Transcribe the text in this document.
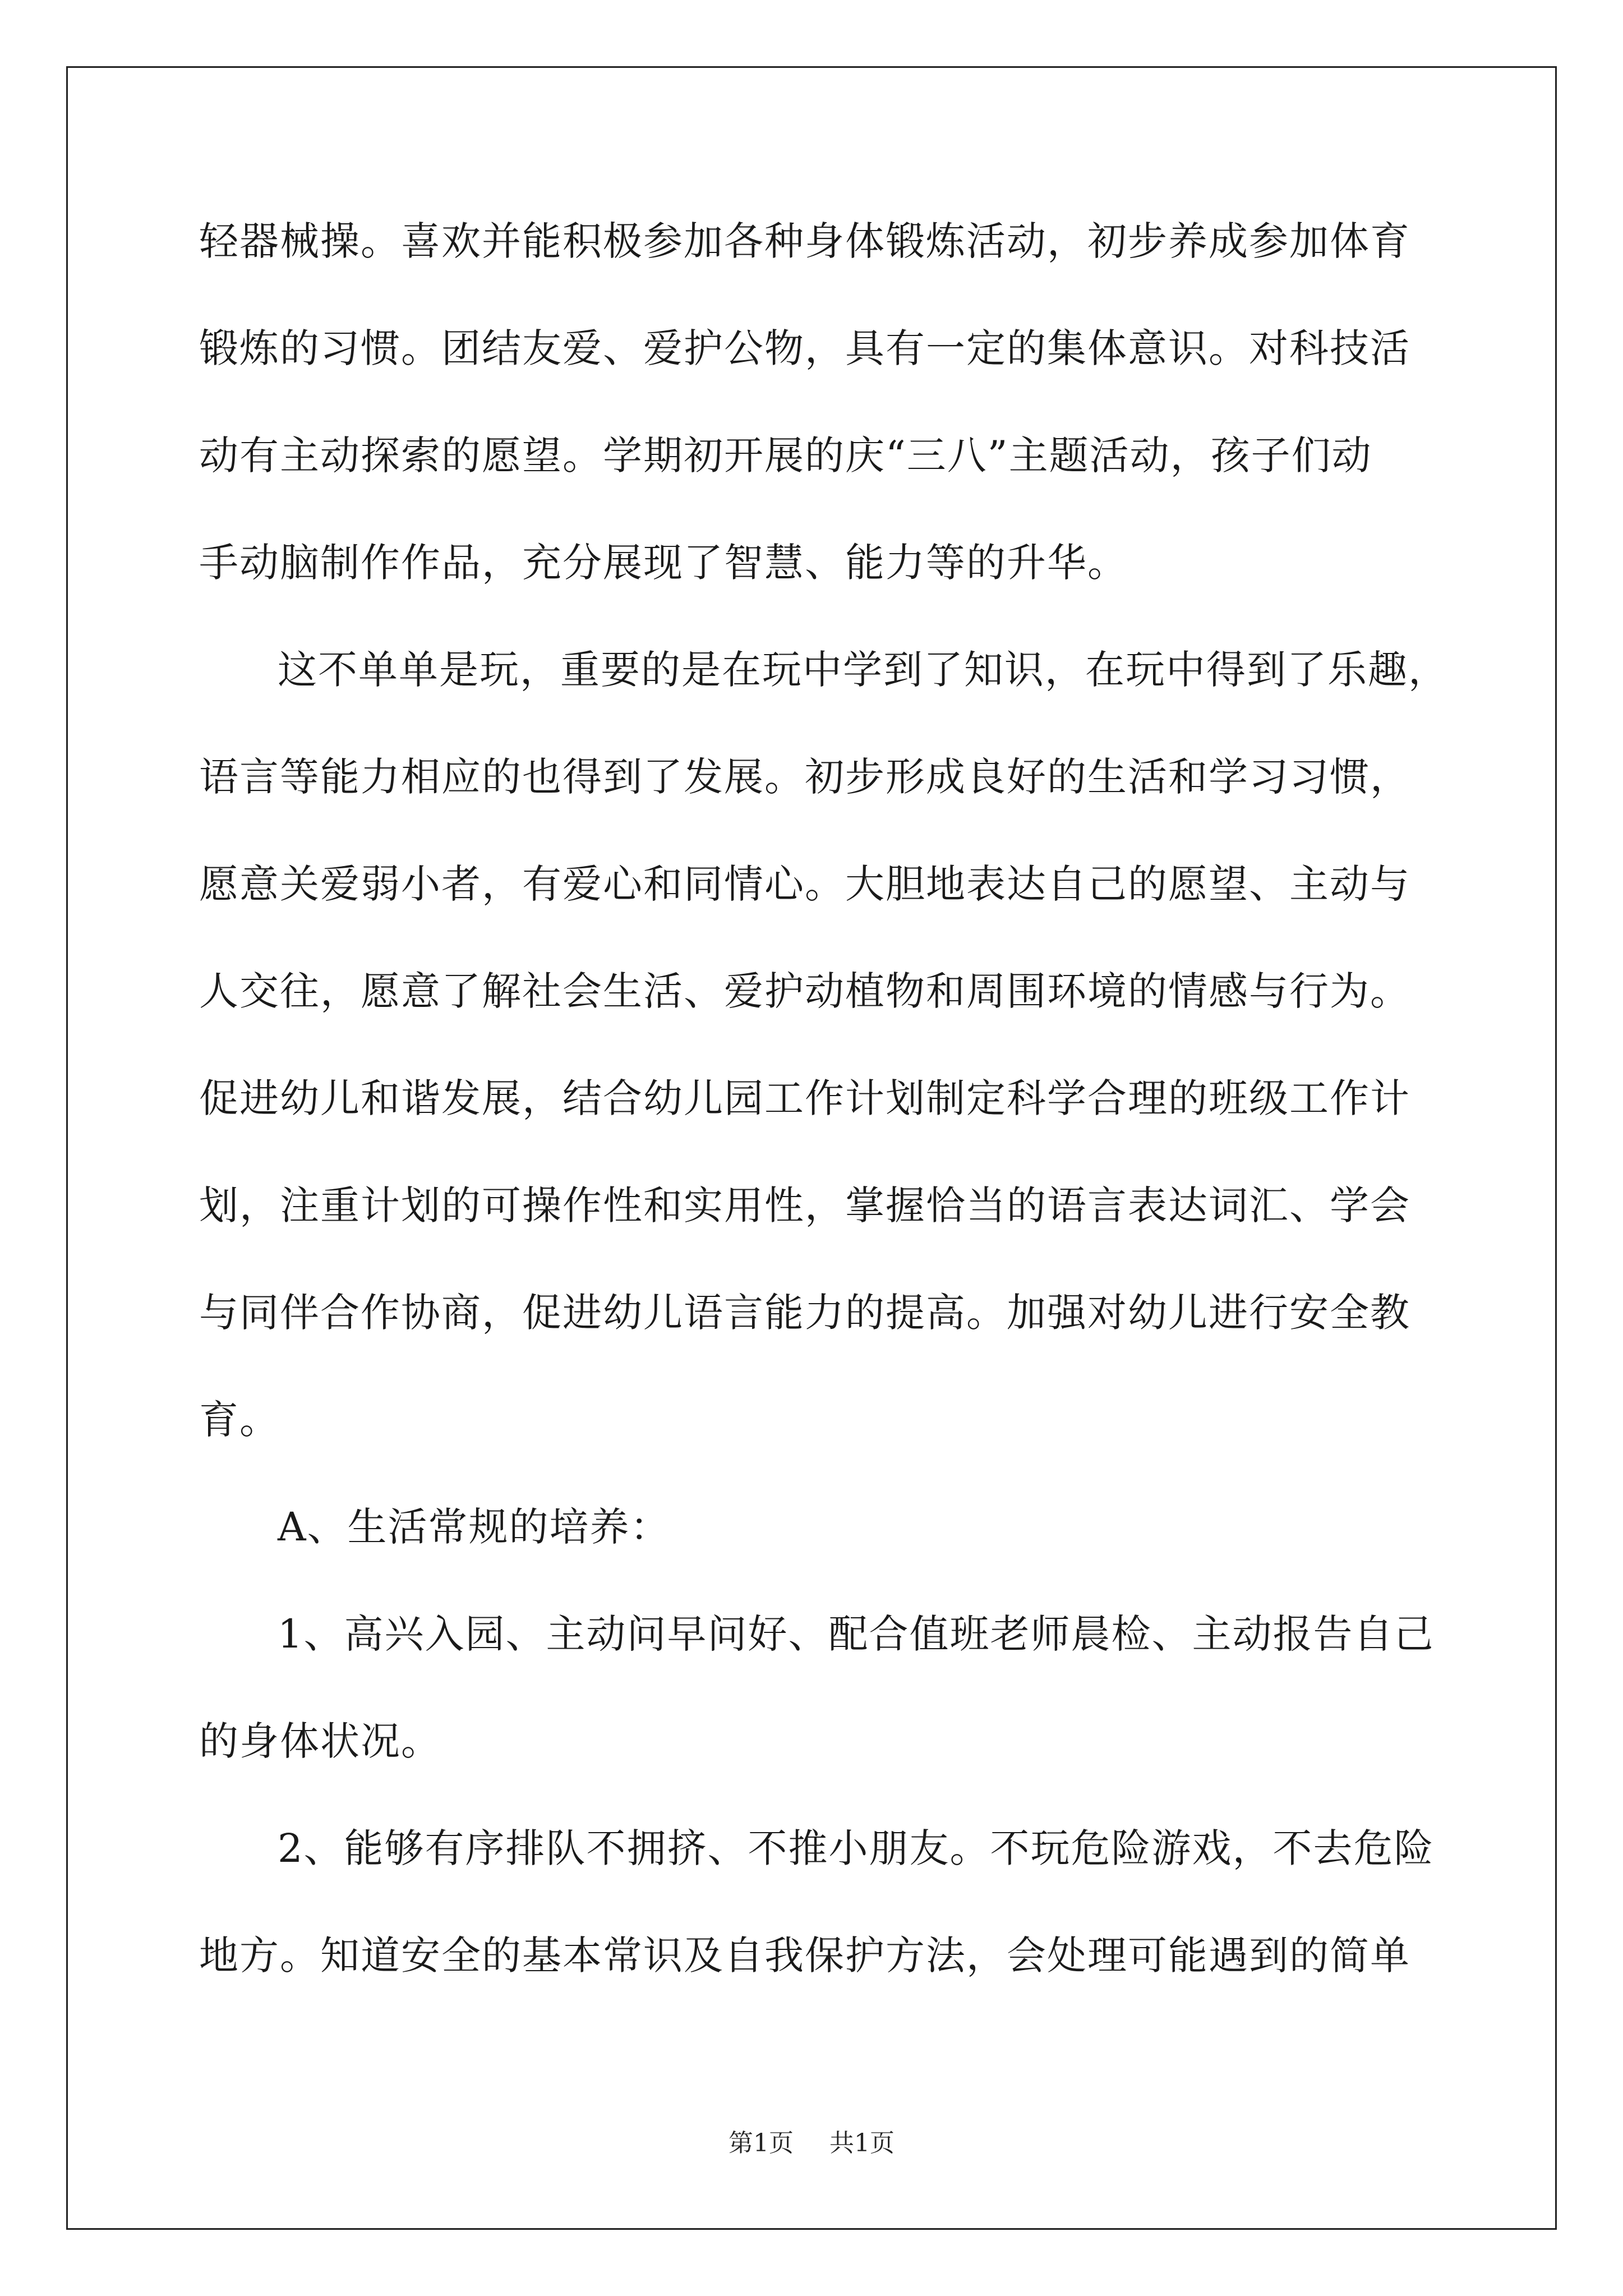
轻器械操。喜欢并能积极参加各种身体锻炼活动，初步养成参加体育
锻炼的习惯。团结友爱、爱护公物，具有一定的集体意识。对科技活
动有主动探索的愿望。学期初开展的庆“三八”主题活动，孩子们动
手动脑制作作品，充分展现了智慧、能力等的升华。
这不单单是玩，重要的是在玩中学到了知识，在玩中得到了乐趣，
语言等能力相应的也得到了发展。初步形成良好的生活和学习习惯，
愿意关爱弱小者，有爱心和同情心。大胆地表达自己的愿望、主动与
人交往，愿意了解社会生活、爱护动植物和周围环境的情感与行为。
促进幼儿和谐发展，结合幼儿园工作计划制定科学合理的班级工作计
划，注重计划的可操作性和实用性，掌握恰当的语言表达词汇、学会
与同伴合作协商，促进幼儿语言能力的提高。加强对幼儿进行安全教
育。
A、生活常规的培养：
1、高兴入园、主动问早问好、配合值班老师晨检、主动报告自己
的身体状况。
2、能够有序排队不拥挤、不推小朋友。不玩危险游戏，不去危险
地方。知道安全的基本常识及自我保护方法，会处理可能遇到的简单
第1页 共1页
